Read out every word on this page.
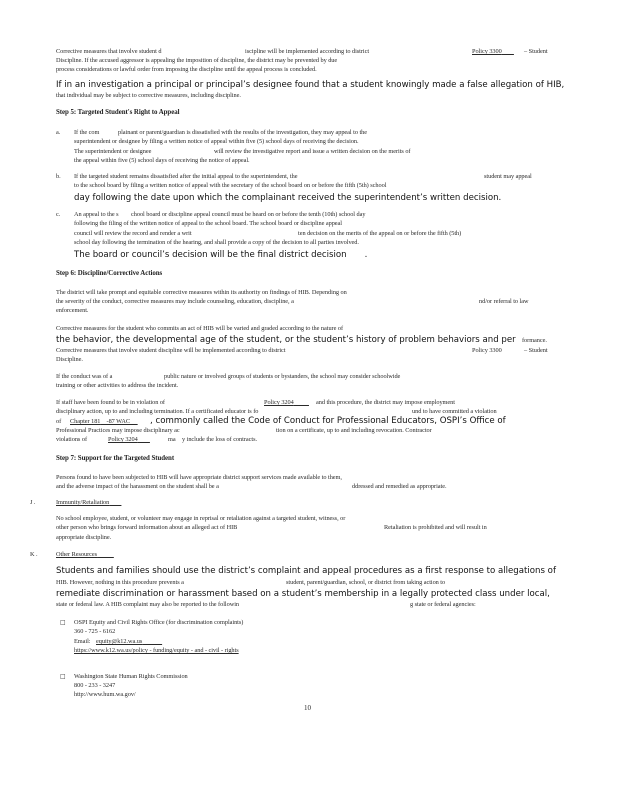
Corrective measures that involve student d	iscipline will be implemented according to district	Policy 3300	– Student
Discipline. If the accused aggressor is appealing the imposition of discipline, the district may be prevented by due
process considerations or lawful order from imposing the discipline until the appeal process is concluded.
If in an investigation a principal or principal’s designee found that a student knowingly made a false allegation of HIB,
that individual may be subject to corrective measures, including discipline.
Step 5: Targeted Student's Right to Appeal
a. If the com	plainant or parent/guardian is dissatisfied with the results of the investigation, they may appeal to the
superintendent or designee by filing a written notice of appeal within five (5) school days of receiving the decision.
The superintendent or designee	will review the investigative report and issue a written decision on the merits of
the appeal within five (5) school days of receiving the notice of appeal.
b. If the targeted student remains dissatisfied after the initial appeal to the superintendent, the	student may appeal
to the school board by filing a written notice of appeal with the secretary of the school board on or before the fifth (5th) school
day following the date upon which the complainant received the superintendent’s written decision.
c. An appeal to the s chool board or discipline appeal council must be heard on or before the tenth (10th) school day
following the filing of the written notice of appeal to the school board. The school board or discipline appeal
council will review the record and render a writ	ten decision on the merits of the appeal on or before the fifth (5th)
school day following the termination of the hearing, and shall provide a copy of the decision to all parties involved.
The board or council’s decision will be the final district decision .
Step 6: Discipline/Corrective Actions
The district will take prompt and equitable corrective measures within its authority on findings of HIB. Depending on
the severity of the conduct, corrective measures may include counseling, education, discipline, a	nd/or referral to law
enforcement.
Corrective measures for the student who commits an act of HIB will be varied and graded according to the nature of
the behavior, the developmental age of the student, or the student’s history of problem behaviors and per formance.
Corrective measures that involve student discipline will be implemented according to district	Policy 3300	– Student
Discipline.
If the conduct was of a	public nature or involved groups of students or bystanders, the school may consider schoolwide
training or other activities to address the incident.
If staff have been found to be in violation of	Policy 3204	and this procedure, the district may impose employment
disciplinary action, up to and including termination. If a certificated educator is fo	und to have committed a violation
of Chapter 181 -87 WAC	, commonly called the Code of Conduct for Professional Educators, OSPI’s Office of
Professional Practices may impose disciplinary ac	tion on a certificate, up to and including revocation. Contractor
violations of	Policy 3204	ma y include the loss of contracts.
Step 7: Support for the Targeted Student
Persons found to have been subjected to HIB will have appropriate district support services made available to them,
and the adverse impact of the harassment on the student shall be a	ddressed and remedied as appropriate.
J .	Immunity/Retaliation
No school employee, student, or volunteer may engage in reprisal or retaliation against a targeted student, witness, or
other person who brings forward information about an alleged act of HIB	Retaliation is prohibited and will result in
appropriate discipline.
K .	Other Resources
Students and families should use the district’s complaint and appeal procedures as a first response to allegations of
HIB. However, nothing in this procedure prevents a	student, parent/guardian, school, or district from taking action to
remediate discrimination or harassment based on a student’s membership in a legally protected class under local,
state or federal law. A HIB complaint may also be reported to the followin	g state or federal agencies:
□ OSPI Equity and Civil Rights Office (for discrimination complaints)
360 - 725 - 6162
Email: equity@k12.wa.us
https://www.k12.wa.us/policy - funding/equity - and - civil - rights
□ Washington State Human Rights Commission
800 - 233 - 3247
http://www.hum.wa.gov/
10
